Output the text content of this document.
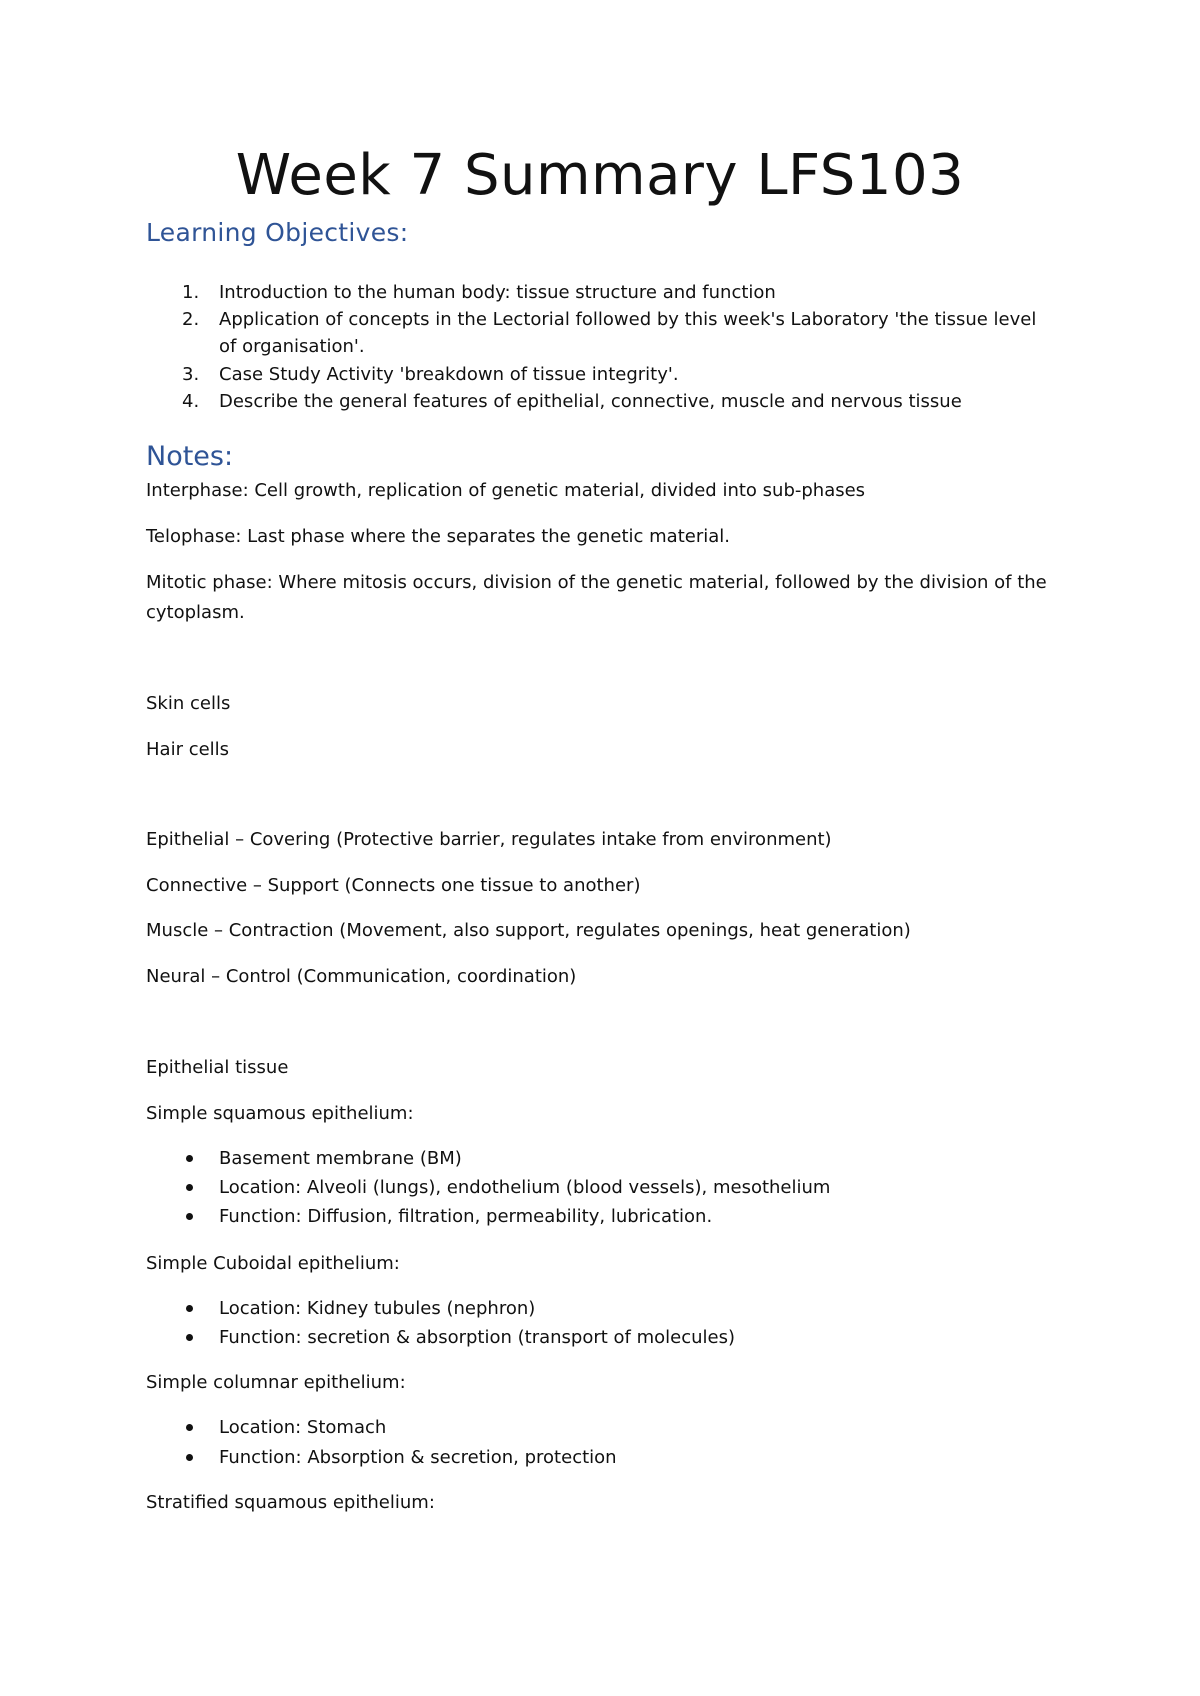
Week 7 Summary LFS103
Learning Objectives:
1. Introduction to the human body: tissue structure and function
2. Application of concepts in the Lectorial followed by this week's Laboratory 'the tissue level of organisation'.
3. Case Study Activity 'breakdown of tissue integrity'.
4. Describe the general features of epithelial, connective, muscle and nervous tissue
Notes:
Interphase: Cell growth, replication of genetic material, divided into sub-phases
Telophase: Last phase where the separates the genetic material.
Mitotic phase: Where mitosis occurs, division of the genetic material, followed by the division of the cytoplasm.
Skin cells
Hair cells
Epithelial – Covering (Protective barrier, regulates intake from environment)
Connective – Support (Connects one tissue to another)
Muscle – Contraction (Movement, also support, regulates openings, heat generation)
Neural – Control (Communication, coordination)
Epithelial tissue
Simple squamous epithelium:
Basement membrane (BM)
Location: Alveoli (lungs), endothelium (blood vessels), mesothelium
Function: Diffusion, filtration, permeability, lubrication.
Simple Cuboidal epithelium:
Location: Kidney tubules (nephron)
Function: secretion & absorption (transport of molecules)
Simple columnar epithelium:
Location: Stomach
Function: Absorption & secretion, protection
Stratified squamous epithelium:
